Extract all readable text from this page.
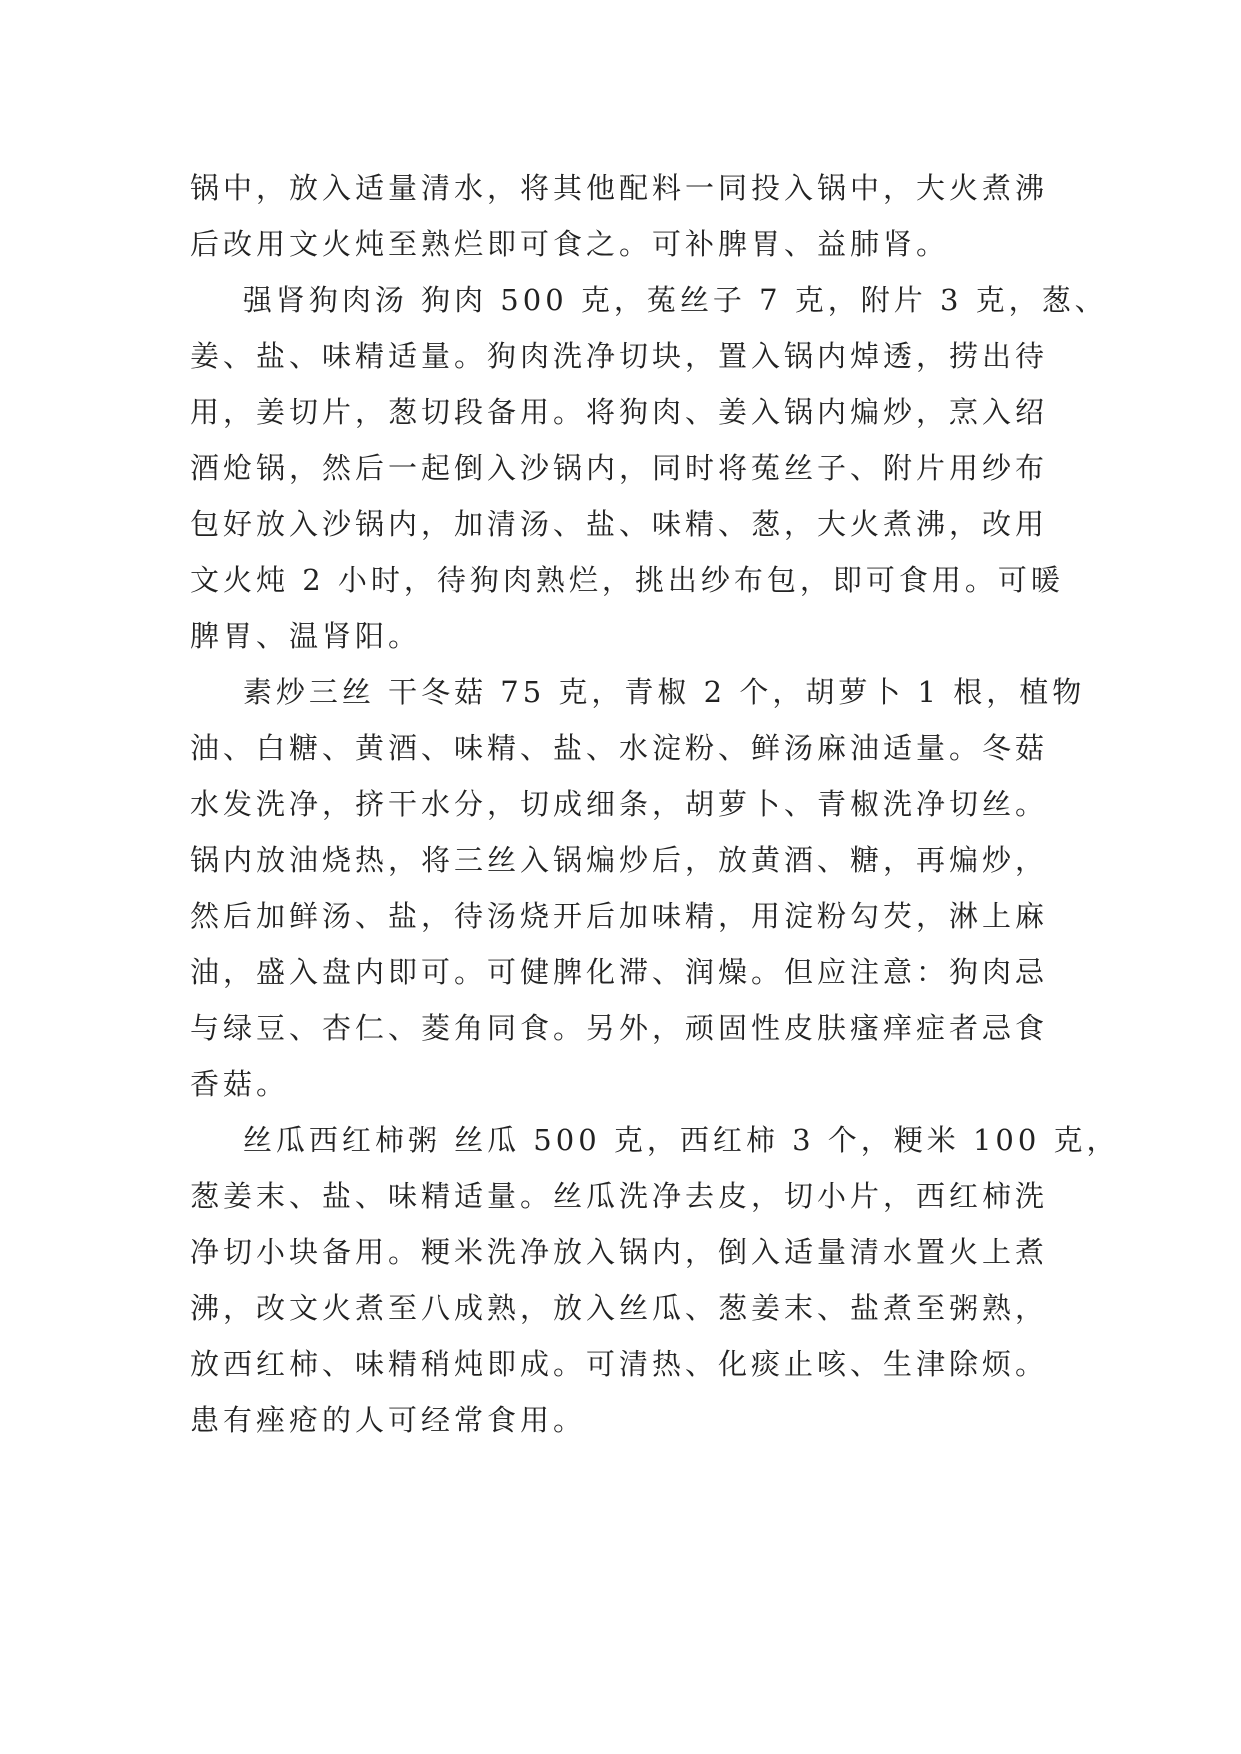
锅中，放入适量清水，将其他配料一同投入锅中，大火煮沸
后改用文火炖至熟烂即可食之。可补脾胃、益肺肾。
强肾狗肉汤 狗肉 500 克，菟丝子 7 克，附片 3 克，葱、
姜、盐、味精适量。狗肉洗净切块，置入锅内焯透，捞出待
用，姜切片，葱切段备用。将狗肉、姜入锅内煸炒，烹入绍
酒炝锅，然后一起倒入沙锅内，同时将菟丝子、附片用纱布
包好放入沙锅内，加清汤、盐、味精、葱，大火煮沸，改用
文火炖 2 小时，待狗肉熟烂，挑出纱布包，即可食用。可暖
脾胃、温肾阳。
素炒三丝 干冬菇 75 克，青椒 2 个，胡萝卜 1 根，植物
油、白糖、黄酒、味精、盐、水淀粉、鲜汤麻油适量。冬菇
水发洗净，挤干水分，切成细条，胡萝卜、青椒洗净切丝。
锅内放油烧热，将三丝入锅煸炒后，放黄酒、糖，再煸炒，
然后加鲜汤、盐，待汤烧开后加味精，用淀粉勾芡，淋上麻
油，盛入盘内即可。可健脾化滞、润燥。但应注意：狗肉忌
与绿豆、杏仁、菱角同食。另外，顽固性皮肤瘙痒症者忌食
香菇。
丝瓜西红柿粥 丝瓜 500 克，西红柿 3 个，粳米 100 克，
葱姜末、盐、味精适量。丝瓜洗净去皮，切小片，西红柿洗
净切小块备用。粳米洗净放入锅内，倒入适量清水置火上煮
沸，改文火煮至八成熟，放入丝瓜、葱姜末、盐煮至粥熟，
放西红柿、味精稍炖即成。可清热、化痰止咳、生津除烦。
患有痤疮的人可经常食用。
